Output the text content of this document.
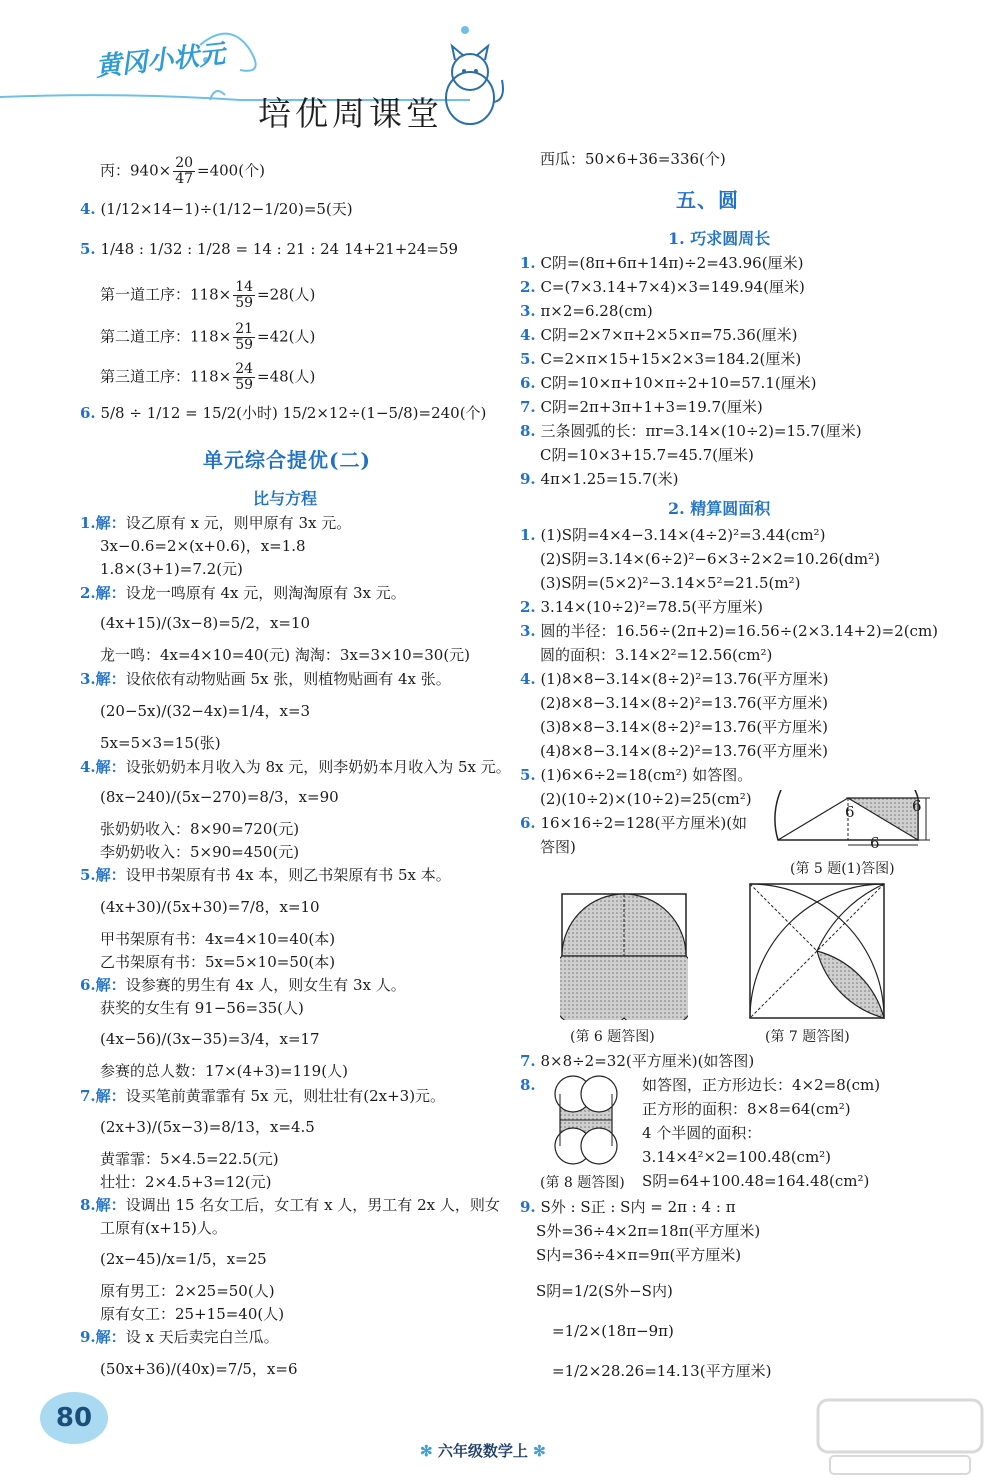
黄冈小状元
培优周课堂
丙：$940\times \frac{20}{47} =400$(个)
4. (1/12×14−1)÷(1/12−1/20)=5(天)
5. 1/48 : 1/32 : 1/28 = 14 : 21 : 24 14+21+24=59
第一道工序：$118\times \frac{14}{59} =28$(人)
第二道工序：$118\times \frac{21}{59} =42$(人)
第三道工序：$118\times \frac{24}{59} =48$(人)
6. 5/8 ÷ 1/12 = 15/2(小时) 15/2×12÷(1−5/8)=240(个)
单元综合提优(二)
比与方程
1.解：设乙原有 x 元，则甲原有 3x 元。
3x−0.6=2×(x+0.6)，x=1.8
1.8×(3+1)=7.2(元)
2.解：设龙一鸣原有 4x 元，则淘淘原有 3x 元。
(4x+15)/(3x−8)=5/2，x=10
龙一鸣：4x=4×10=40(元) 淘淘：3x=3×10=30(元)
3.解：设依依有动物贴画 5x 张，则植物贴画有 4x 张。
(20−5x)/(32−4x)=1/4，x=3
5x=5×3=15(张)
4.解：设张奶奶本月收入为 8x 元，则李奶奶本月收入为 5x 元。
(8x−240)/(5x−270)=8/3，x=90
张奶奶收入：8×90=720(元)
李奶奶收入：5×90=450(元)
5.解：设甲书架原有书 4x 本，则乙书架原有书 5x 本。
(4x+30)/(5x+30)=7/8，x=10
甲书架原有书：4x=4×10=40(本)
乙书架原有书：5x=5×10=50(本)
6.解：设参赛的男生有 4x 人，则女生有 3x 人。
获奖的女生有 91−56=35(人)
(4x−56)/(3x−35)=3/4，x=17
参赛的总人数：17×(4+3)=119(人)
7.解：设买笔前黄霏霏有 5x 元，则壮壮有(2x+3)元。
(2x+3)/(5x−3)=8/13，x=4.5
黄霏霏：5×4.5=22.5(元)
壮壮：2×4.5+3=12(元)
8.解：设调出 15 名女工后，女工有 x 人，男工有 2x 人，则女
工原有(x+15)人。
(2x−45)/x=1/5，x=25
原有男工：2×25=50(人)
原有女工：25+15=40(人)
9.解：设 x 天后卖完白兰瓜。
(50x+36)/(40x)=7/5，x=6
西瓜：50×6+36=336(个)
五、圆
1. 巧求圆周长
1. C阴=(8π+6π+14π)÷2=43.96(厘米)
2. C=(7×3.14+7×4)×3=149.94(厘米)
3. π×2=6.28(cm)
4. C阴=2×7×π+2×5×π=75.36(厘米)
5. C=2×π×15+15×2×3=184.2(厘米)
6. C阴=10×π+10×π÷2+10=57.1(厘米)
7. C阴=2π+3π+1+3=19.7(厘米)
8. 三条圆弧的长：πr=3.14×(10÷2)=15.7(厘米)
C阴=10×3+15.7=45.7(厘米)
9. 4π×1.25=15.7(米)
2. 精算圆面积
1. (1)S阴=4×4−3.14×(4÷2)²=3.44(cm²)
(2)S阴=3.14×(6÷2)²−6×3÷2×2=10.26(dm²)
(3)S阴=(5×2)²−3.14×5²=21.5(m²)
2. 3.14×(10÷2)²=78.5(平方厘米)
3. 圆的半径：16.56÷(2π+2)=16.56÷(2×3.14+2)=2(cm)
圆的面积：3.14×2²=12.56(cm²)
4. (1)8×8−3.14×(8÷2)²=13.76(平方厘米)
(2)8×8−3.14×(8÷2)²=13.76(平方厘米)
(3)8×8−3.14×(8÷2)²=13.76(平方厘米)
(4)8×8−3.14×(8÷2)²=13.76(平方厘米)
5. (1)6×6÷2=18(cm²) 如答图。
(2)(10÷2)×(10÷2)=25(cm²)
6. 16×16÷2=128(平方厘米)(如
答图)
6	6
6
(第 5 题(1)答图)
(第 6 题答图)	(第 7 题答图)
7. 8×8÷2=32(平方厘米)(如答图)
8.	如答图，正方形边长：4×2=8(cm)
正方形的面积：8×8=64(cm²)
4 个半圆的面积：
3.14×4²×2=100.48(cm²)
(第 8 题答图) S阴=64+100.48=164.48(cm²)
9. S外 : S正 : S内 = 2π : 4 : π
S外=36÷4×2π=18π(平方厘米)
S内=36÷4×π=9π(平方厘米)
S阴=1/2(S外−S内)
=1/2×(18π−9π)
=1/2×28.26=14.13(平方厘米)
80
✻ 六年级数学上 ✻
